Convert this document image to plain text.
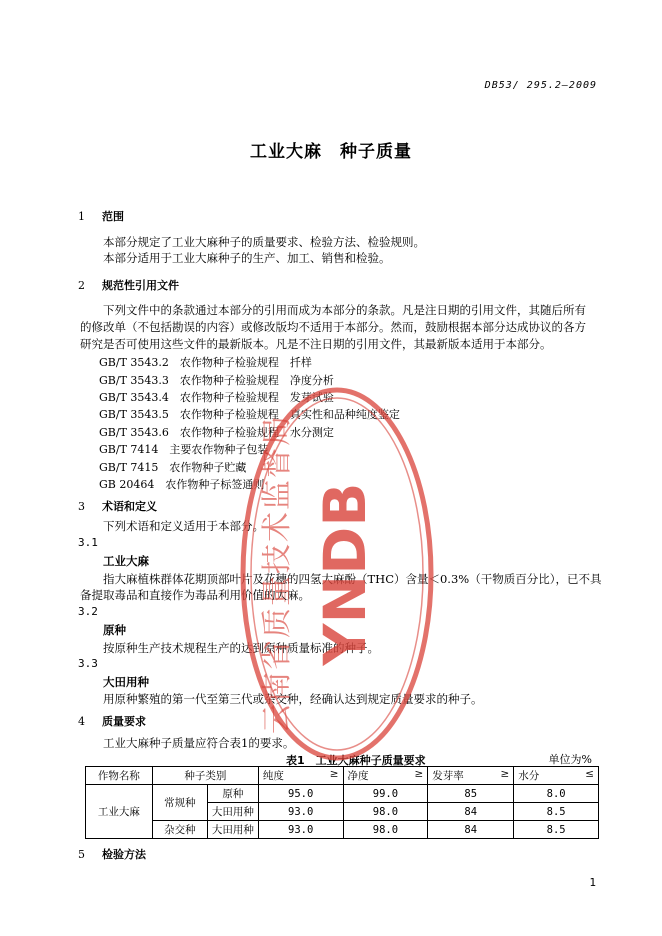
DB53/ 295.2—2009
工业大麻　种子质量
1 范围
本部分规定了工业大麻种子的质量要求、检验方法、检验规则。
本部分适用于工业大麻种子的生产、加工、销售和检验。
2 规范性引用文件
下列文件中的条款通过本部分的引用而成为本部分的条款。凡是注日期的引用文件，其随后所有
的修改单（不包括勘误的内容）或修改版均不适用于本部分。然而，鼓励根据本部分达成协议的各方
研究是否可使用这些文件的最新版本。凡是不注日期的引用文件，其最新版本适用于本部分。
GB/T 3543.2　农作物种子检验规程　扦样
GB/T 3543.3　农作物种子检验规程　净度分析
GB/T 3543.4　农作物种子检验规程　发芽试验
GB/T 3543.5　农作物种子检验规程　真实性和品种纯度鉴定
GB/T 3543.6　农作物种子检验规程　水分测定
GB/T 7414　主要农作物种子包装
GB/T 7415　农作物种子贮藏
GB 20464　农作物种子标签通则
3 术语和定义
下列术语和定义适用于本部分。
3.1
工业大麻
指大麻植株群体花期顶部叶片及花穗的四氢大麻酚（THC）含量＜0.3%（干物质百分比），已不具
备提取毒品和直接作为毒品利用价值的大麻。
3.2
原种
按原种生产技术规程生产的达到原种质量标准的种子。
3.3
大田用种
用原种繁殖的第一代至第三代或杂交种，经确认达到规定质量要求的种子。
4 质量要求
工业大麻种子质量应符合表1的要求。
表1　工业大麻种子质量要求	单位为%
作物名称	种子类别		纯度 ≥	净度 ≥	发芽率 ≥	水分 ≤

工业大麻	常规种	原种	95.0	99.0	85	8.0
		大田用种	93.0	98.0	84	8.5
	杂交种	大田用种	93.0	98.0	84	8.5
5 检验方法
1
YNDB
云南省质量技术监督局
